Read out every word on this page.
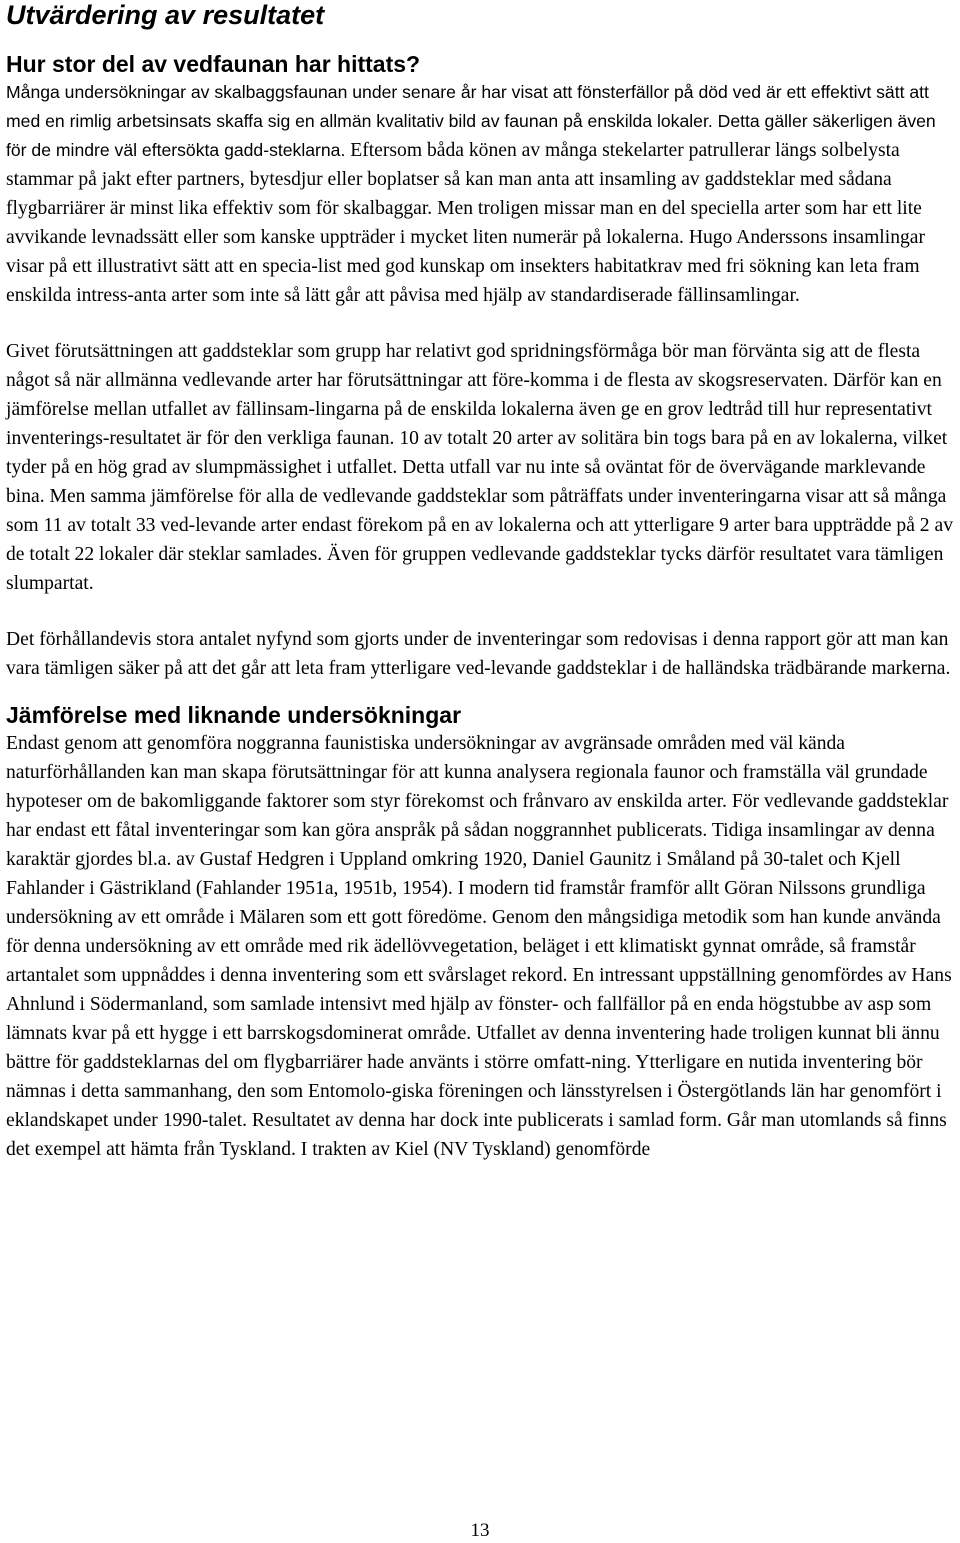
Utvärdering av resultatet
Hur stor del av vedfaunan har hittats?

Många undersökningar av skalbaggsfaunan under senare år har visat att fönsterfällor på död ved är ett effektivt sätt att med en rimlig arbetsinsats skaffa sig en allmän kvalitativ bild av faunan på enskilda lokaler. Detta gäller säkerligen även för de mindre väl eftersökta gadd-steklarna. Eftersom båda könen av många stekelarter patrullerar längs solbelysta stammar på jakt efter partners, bytesdjur eller boplatser så kan man anta att insamling av gaddsteklar med sådana flygbarriärer är minst lika effektiv som för skalbaggar. Men troligen missar man en del speciella arter som har ett lite avvikande levnadssätt eller som kanske uppträder i mycket liten numerär på lokalerna. Hugo Anderssons insamlingar visar på ett illustrativt sätt att en specia-list med god kunskap om insekters habitatkrav med fri sökning kan leta fram enskilda intress-anta arter som inte så lätt går att påvisa med hjälp av standardiserade fällinsamlingar.

Givet förutsättningen att gaddsteklar som grupp har relativt god spridningsförmåga bör man förvänta sig att de flesta något så när allmänna vedlevande arter har förutsättningar att före-komma i de flesta av skogsreservaten. Därför kan en jämförelse mellan utfallet av fällinsam-lingarna på de enskilda lokalerna även ge en grov ledtråd till hur representativt inventerings-resultatet är för den verkliga faunan. 10 av totalt 20 arter av solitära bin togs bara på en av lokalerna, vilket tyder på en hög grad av slumpmässighet i utfallet. Detta utfall var nu inte så oväntat för de övervägande marklevande bina. Men samma jämförelse för alla de vedlevande gaddsteklar som påträffats under inventeringarna visar att så många som 11 av totalt 33 ved-levande arter endast förekom på en av lokalerna och att ytterligare 9 arter bara uppträdde på 2 av de totalt 22 lokaler där steklar samlades. Även för gruppen vedlevande gaddsteklar tycks därför resultatet vara tämligen slumpartat.

Det förhållandevis stora antalet nyfynd som gjorts under de inventeringar som redovisas i denna rapport gör att man kan vara tämligen säker på att det går att leta fram ytterligare ved-levande gaddsteklar i de halländska trädbärande markerna.

Jämförelse med liknande undersökningar

Endast genom att genomföra noggranna faunistiska undersökningar av avgränsade områden med väl kända naturförhållanden kan man skapa förutsättningar för att kunna analysera regionala faunor och framställa väl grundade hypoteser om de bakomliggande faktorer som styr förekomst och frånvaro av enskilda arter. För vedlevande gaddsteklar har endast ett fåtal inventeringar som kan göra anspråk på sådan noggrannhet publicerats. Tidiga insamlingar av denna karaktär gjordes bl.a. av Gustaf Hedgren i Uppland omkring 1920, Daniel Gaunitz i Småland på 30-talet och Kjell Fahlander i Gästrikland (Fahlander 1951a, 1951b, 1954). I modern tid framstår framför allt Göran Nilssons grundliga undersökning av ett område i Mälaren som ett gott föredöme. Genom den mångsidiga metodik som han kunde använda för denna undersökning av ett område med rik ädellövvegetation, beläget i ett klimatiskt gynnat område, så framstår artantalet som uppnåddes i denna inventering som ett svårslaget rekord. En intressant uppställning genomfördes av Hans Ahnlund i Södermanland, som samlade intensivt med hjälp av fönster- och fallfällor på en enda högstubbe av asp som lämnats kvar på ett hygge i ett barrskogsdominerat område. Utfallet av denna inventering hade troligen kunnat bli ännu bättre för gaddsteklarnas del om flygbarriärer hade använts i större omfatt-ning. Ytterligare en nutida inventering bör nämnas i detta sammanhang, den som Entomolo-giska föreningen och länsstyrelsen i Östergötlands län har genomfört i eklandskapet under 1990-talet. Resultatet av denna har dock inte publicerats i samlad form. Går man utomlands så finns det exempel att hämta från Tyskland. I trakten av Kiel (NV Tyskland) genomförde

13
